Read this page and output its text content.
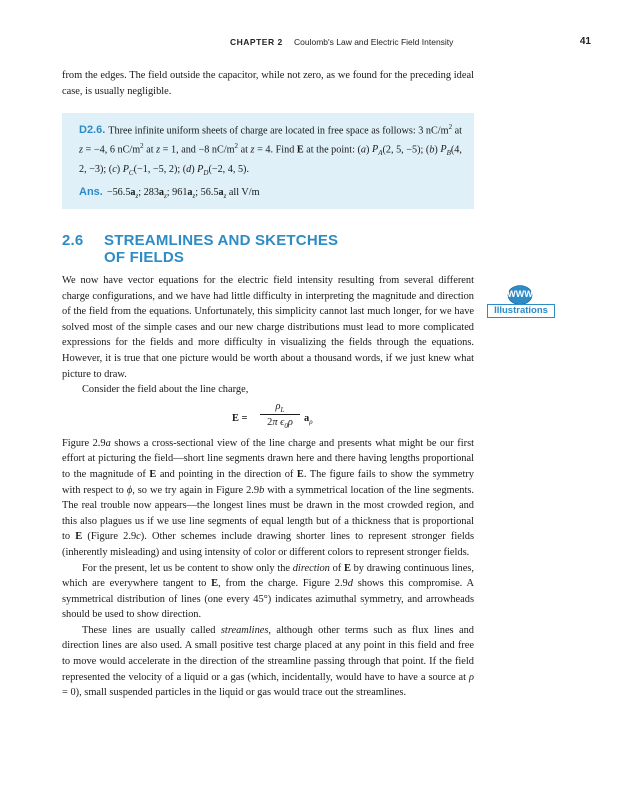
CHAPTER 2 Coulomb's Law and Electric Field Intensity	41
from the edges. The field outside the capacitor, while not zero, as we found for the preceding ideal case, is usually negligible.
D2.6. Three infinite uniform sheets of charge are located in free space as follows: 3 $nC/m^2$ at z = −4, 6 $nC/m^2$ at z = 1, and −8 $nC/m^2$ at z = 4. Find E at the point: (a) $P_A(2$, 5, −5); (b) $P_B(4$, 2, −3); (c) $P_C(-1$, −5, 2); (d) $P_D(-2$, 4, 5).
Ans. $-56.5a_z$; $283a_z$; $961a_z$; $56.5a_z$ all V/m
2.6 STREAMLINES AND SKETCHES
OF FIELDS
WWW
Illustrations

We now have vector equations for the electric field intensity resulting from several different charge configurations, and we have had little difficulty in interpreting the magnitude and direction of the field from the equations. Unfortunately, this simplicity cannot last much longer, for we have solved most of the simple cases and our new charge distributions must lead to more complicated expressions for the fields and more difficulty in visualizing the fields through the equations. However, it is true that one picture would be worth about a thousand words, if we just knew what picture to draw.

Consider the field about the line charge,

E =
$\rho_L$
2π $\epsilon_0\rho$	$a_\rho$

Figure 2.9a shows a cross-sectional view of the line charge and presents what might be our first effort at picturing the field—short line segments drawn here and there having lengths proportional to the magnitude of E and pointing in the direction of E. The figure fails to show the symmetry with respect to ϕ, so we try again in Figure 2.9b with a symmetrical location of the line segments. The real trouble now appears—the longest lines must be drawn in the most crowded region, and this also plagues us if we use line segments of equal length but of a thickness that is proportional to E (Figure 2.9c). Other schemes include drawing shorter lines to represent stronger fields (inherently misleading) and using intensity of color or different colors to represent stronger fields.

For the present, let us be content to show only the direction of E by drawing continuous lines, which are everywhere tangent to E, from the charge. Figure 2.9d shows this compromise. A symmetrical distribution of lines (one every 45°) indicates azimuthal symmetry, and arrowheads should be used to show direction.

These lines are usually called streamlines, although other terms such as flux lines and direction lines are also used. A small positive test charge placed at any point in this field and free to move would accelerate in the direction of the streamline passing through that point. If the field represented the velocity of a liquid or a gas (which, incidentally, would have to have a source at ρ = 0), small suspended particles in the liquid or gas would trace out the streamlines.
